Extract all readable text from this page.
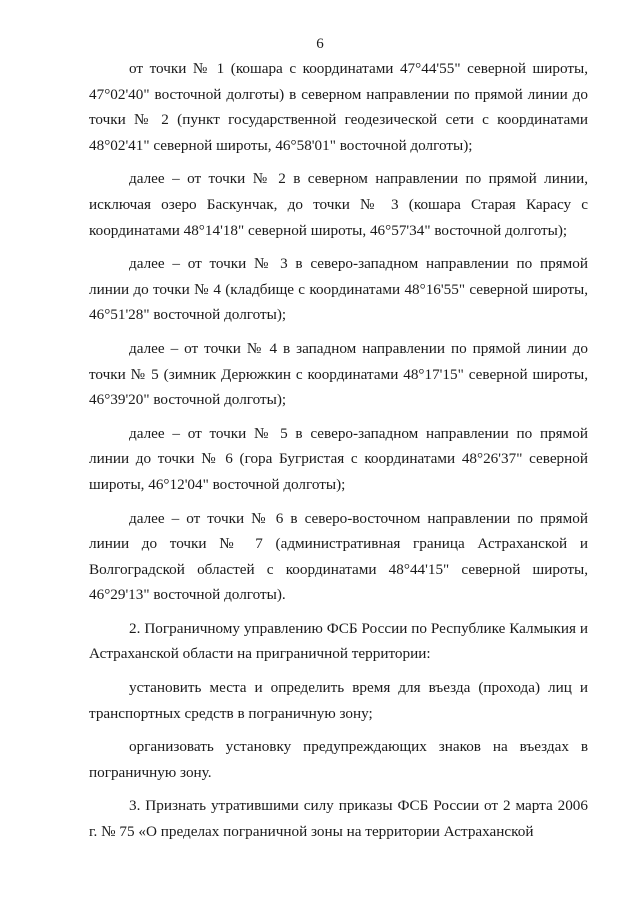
6

от точки № 1 (кошара с координатами 47°44'55" северной широты, 47°02'40" восточной долготы) в северном направлении по прямой линии до точки № 2 (пункт государственной геодезической сети с координатами 48°02'41" северной широты, 46°58'01" восточной долготы);

далее – от точки № 2 в северном направлении по прямой линии, исключая озеро Баскунчак, до точки № 3 (кошара Старая Карасу с координатами 48°14'18" северной широты, 46°57'34" восточной долготы);

далее – от точки № 3 в северо-западном направлении по прямой линии до точки № 4 (кладбище с координатами 48°16'55" северной широты, 46°51'28" восточной долготы);

далее – от точки № 4 в западном направлении по прямой линии до точки № 5 (зимник Дерюжкин с координатами 48°17'15" северной широты, 46°39'20" восточной долготы);

далее – от точки № 5 в северо-западном направлении по прямой линии до точки № 6 (гора Бугристая с координатами 48°26'37" северной широты, 46°12'04" восточной долготы);

далее – от точки № 6 в северо-восточном направлении по прямой линии до точки № 7 (административная граница Астраханской и Волгоградской областей с координатами 48°44'15" северной широты, 46°29'13" восточной долготы).

2. Пограничному управлению ФСБ России по Республике Калмыкия и Астраханской области на приграничной территории:

установить места и определить время для въезда (прохода) лиц и транспортных средств в пограничную зону;

организовать установку предупреждающих знаков на въездах в пограничную зону.

3. Признать утратившими силу приказы ФСБ России от 2 марта 2006 г. № 75 «О пределах пограничной зоны на территории Астраханской
